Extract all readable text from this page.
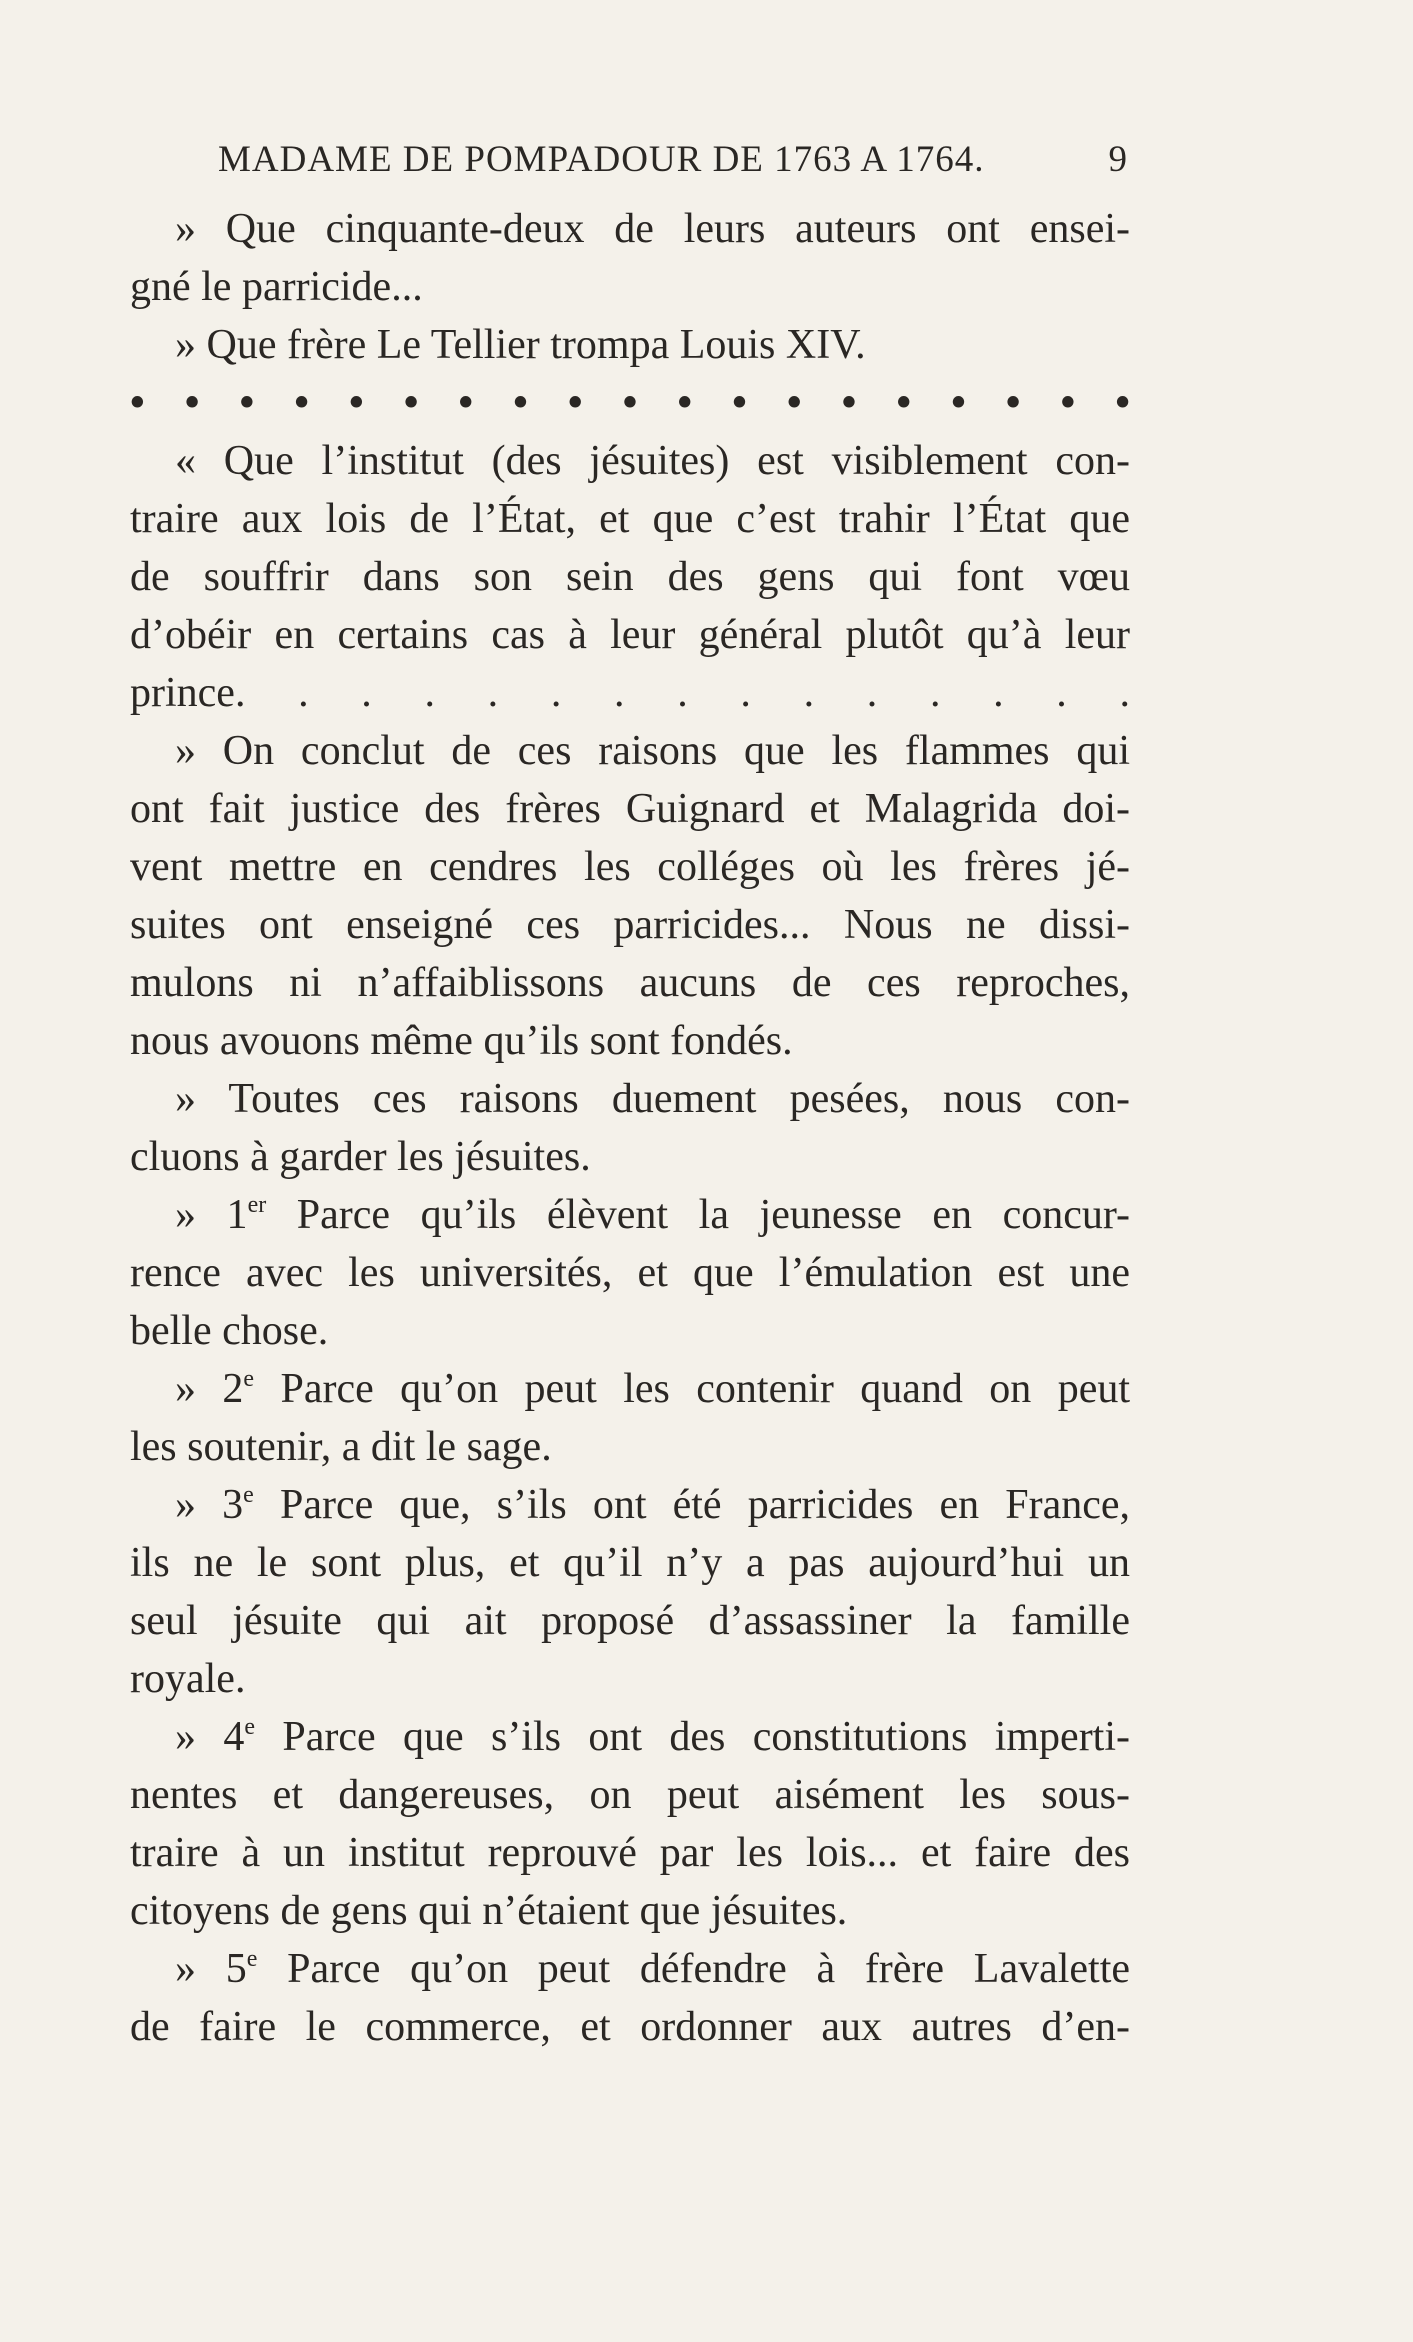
MADAME DE POMPADOUR DE 1763 A 1764.	9
» Que cinquante-deux de leurs auteurs ont ensei-
gné le parricide...
» Que frère Le Tellier trompa Louis XIV.
• • • • • • • • • • • • • • • • • • •
« Que l’institut (des jésuites) est visiblement con-
traire aux lois de l’État, et que c’est trahir l’État que
de souffrir dans son sein des gens qui font vœu
d’obéir en certains cas à leur général plutôt qu’à leur
prince. . . . . . . . . . . . . . .
» On conclut de ces raisons que les flammes qui
ont fait justice des frères Guignard et Malagrida doi-
vent mettre en cendres les colléges où les frères jé-
suites ont enseigné ces parricides... Nous ne dissi-
mulons ni n’affaiblissons aucuns de ces reproches,
nous avouons même qu’ils sont fondés.
» Toutes ces raisons duement pesées, nous con-
cluons à garder les jésuites.
» 1er Parce qu’ils élèvent la jeunesse en concur-
rence avec les universités, et que l’émulation est une
belle chose.
» 2e Parce qu’on peut les contenir quand on peut
les soutenir, a dit le sage.
» 3e Parce que, s’ils ont été parricides en France,
ils ne le sont plus, et qu’il n’y a pas aujourd’hui un
seul jésuite qui ait proposé d’assassiner la famille
royale.
» 4e Parce que s’ils ont des constitutions imperti-
nentes et dangereuses, on peut aisément les sous-
traire à un institut reprouvé par les lois... et faire des
citoyens de gens qui n’étaient que jésuites.
» 5e Parce qu’on peut défendre à frère Lavalette
de faire le commerce, et ordonner aux autres d’en-
